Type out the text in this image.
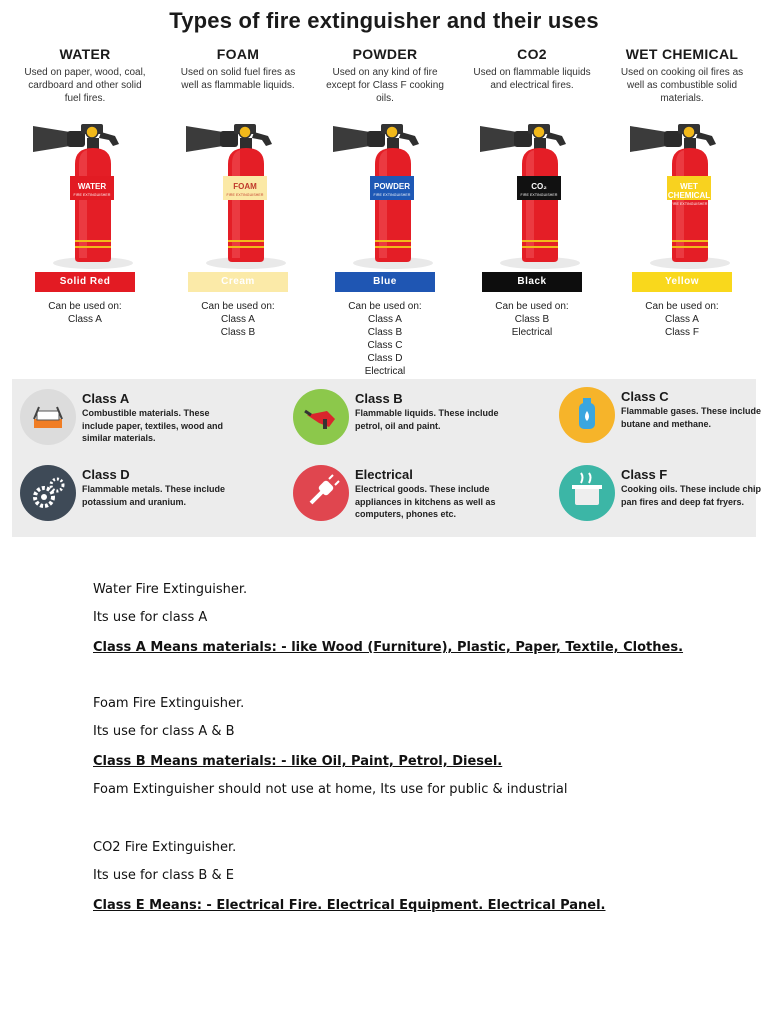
Types of fire extinguisher and their uses
WATER
Used on paper, wood, coal, cardboard and other solid fuel fires.
WATER
FIRE EXTINGUISHER
Solid Red
Can be used on:
Class A
FOAM
Used on solid fuel fires as well as flammable liquids.
FOAM
FIRE EXTINGUISHER
Cream
Can be used on:
Class A
Class B
POWDER
Used on any kind of fire except for Class F cooking oils.
POWDER
FIRE EXTINGUISHER
Blue
Can be used on:
Class A
Class B
Class C
Class D
Electrical
CO2
Used on flammable liquids and electrical fires.
CO₂
FIRE EXTINGUISHER
Black
Can be used on:
Class B
Electrical
WET CHEMICAL
Used on cooking oil fires as well as combustible solid materials.
WET CHEMICAL
FIRE EXTINGUISHER
Yellow
Can be used on:
Class A
Class F
Class A
Combustible materials. These include paper, textiles, wood and similar materials.
Class B
Flammable liquids. These include petrol, oil and paint.
Class C
Flammable gases. These include butane and methane.
Class D
Flammable metals. These include potassium and uranium.
Electrical
Electrical goods. These include appliances in kitchens as well as computers, phones etc.
Class F
Cooking oils. These include chip pan fires and deep fat fryers.
Water Fire Extinguisher.
Its use for class A
Class A Means materials: - like Wood (Furniture), Plastic, Paper, Textile, Clothes.
Foam Fire Extinguisher.
Its use for class A & B
Class B Means materials: - like Oil, Paint, Petrol, Diesel.
Foam Extinguisher should not use at home, Its use for public & industrial
CO2 Fire Extinguisher.
Its use for class B & E
Class E Means: - Electrical Fire. Electrical Equipment. Electrical Panel.
